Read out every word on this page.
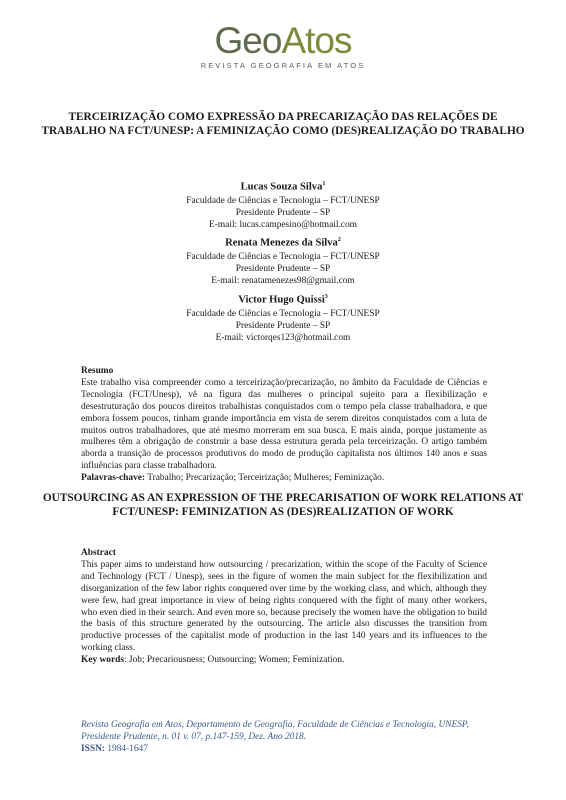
GeoAtos
REVISTA GEOGRAFIA EM ATOS
TERCEIRIZAÇÃO COMO EXPRESSÃO DA PRECARIZAÇÃO DAS RELAÇÕES DE TRABALHO NA FCT/UNESP: A FEMINIZAÇÃO COMO (DES)REALIZAÇÃO DO TRABALHO
Lucas Souza Silva$^1$
Faculdade de Ciências e Tecnologia – FCT/UNESP
Presidente Prudente – SP
E-mail: lucas.campesino@hotmail.com
Renata Menezes da Silva$^2$
Faculdade de Ciências e Tecnologia – FCT/UNESP
Presidente Prudente – SP
E-mail: renatamenezes98@gmail.com
Victor Hugo Quissi$^3$
Faculdade de Ciências e Tecnologia – FCT/UNESP
Presidente Prudente – SP
E-mail: victorqes123@hotmail.com
Resumo
Este trabalho visa compreender como a terceirização/precarização, no âmbito da Faculdade de Ciências e Tecnologia (FCT/Unesp), vê na figura das mulheres o principal sujeito para a flexibilização e desestruturação dos poucos direitos trabalhistas conquistados com o tempo pela classe trabalhadora, e que embora fossem poucos, tinham grande importância em vista de serem direitos conquistados com a luta de muitos outros trabalhadores, que até mesmo morreram em sua busca. E mais ainda, porque justamente as mulheres têm a obrigação de construir a base dessa estrutura gerada pela terceirização. O artigo também aborda a transição de processos produtivos do modo de produção capitalista nos últimos 140 anos e suas influências para classe trabalhadora.
Palavras-chave: Trabalho; Precarização; Terceirização; Mulheres; Feminização.
OUTSOURCING AS AN EXPRESSION OF THE PRECARISATION OF WORK RELATIONS AT FCT/UNESP: FEMINIZATION AS (DES)REALIZATION OF WORK
Abstract
This paper aims to understand how outsourcing / precarization, within the scope of the Faculty of Science and Technology (FCT / Unesp), sees in the figure of women the main subject for the flexibilization and disorganization of the few labor rights conquered over time by the working class, and which, although they were few, had great importance in view of being rights conquered with the fight of many other workers, who even died in their search. And even more so, because precisely the women have the obligation to build the basis of this structure generated by the outsourcing. The article also discusses the transition from productive processes of the capitalist mode of production in the last 140 years and its influences to the working class.
Key words: Job; Precariousness; Outsourcing; Women; Feminization.
Revista Geografia em Atos, Departamento de Geografia, Faculdade de Ciências e Tecnologia, UNESP, Presidente Prudente, n. 01 v. 07, p.147-159, Dez. Ano 2018.
ISSN: 1984-1647
